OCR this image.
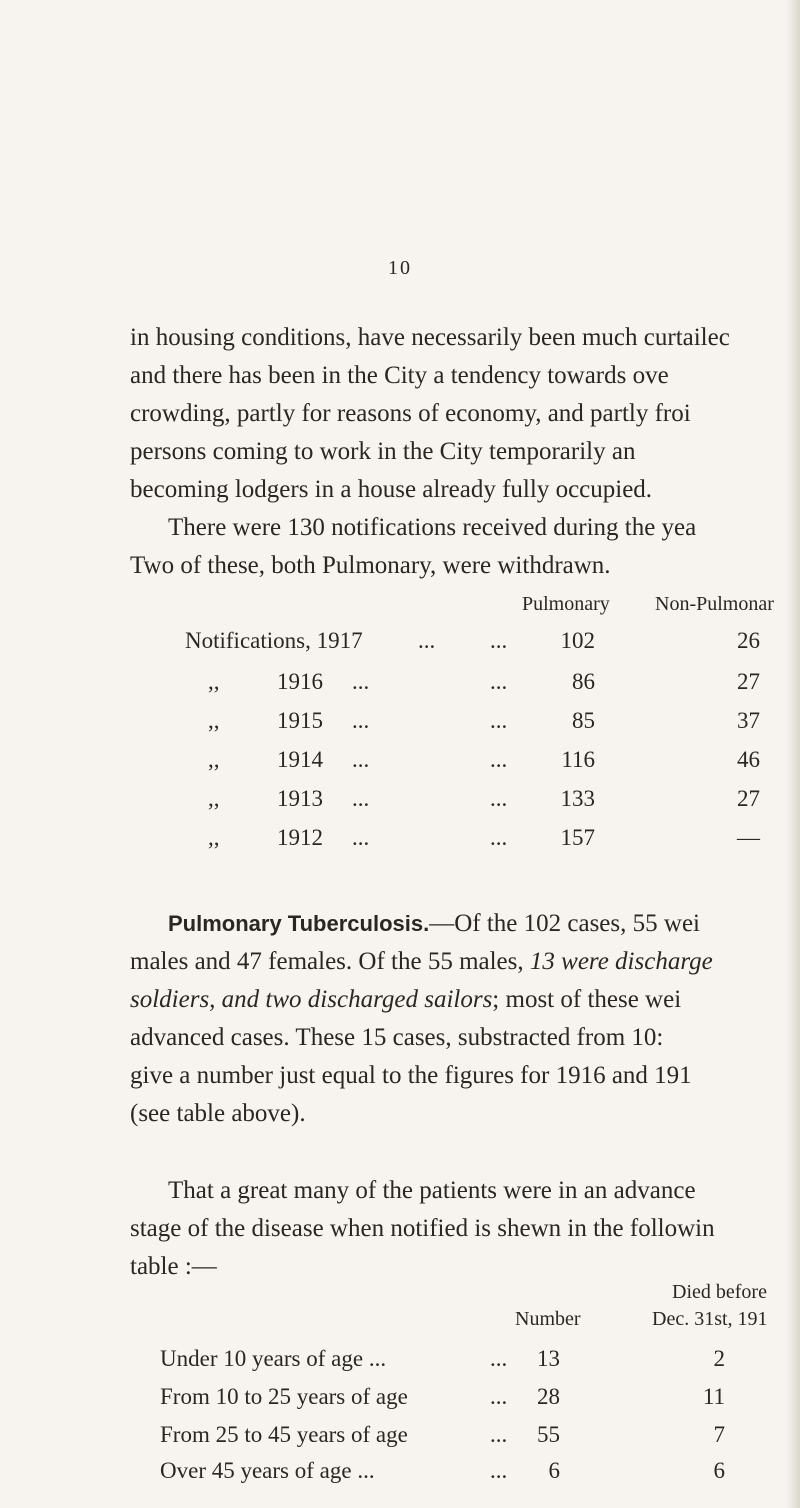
10

in housing conditions, have necessarily been much curtailec
and there has been in the City a tendency towards ove
crowding, partly for reasons of economy, and partly froi
persons coming to work in the City temporarily an
becoming lodgers in a house already fully occupied.

There were 130 notifications received during the yea
Two of these, both Pulmonary, were withdrawn.

Pulmonary Non-Pulmonar
Notifications, 1917 ... ...	102	26
,,	1916 ...	...	86	27
,,	1915 ...	...	85	37
,,	1914 ...	...	116	46
,,	1913 ...	...	133	27
,,	1912 ...	...	157	—

Pulmonary Tuberculosis.—Of the 102 cases, 55 wei
males and 47 females. Of the 55 males, 13 were discharge
soldiers, and two discharged sailors; most of these wei
advanced cases. These 15 cases, substracted from 10:
give a number just equal to the figures for 1916 and 191
(see table above).

That a great many of the patients were in an advance
stage of the disease when notified is shewn in the followin
table :—

Died before
Number	Dec. 31st, 191
Under 10 years of age ...	...	13	2
From 10 to 25 years of age	...	28	11
From 25 to 45 years of age	...	55	7
Over 45 years of age ...	...	6	6
